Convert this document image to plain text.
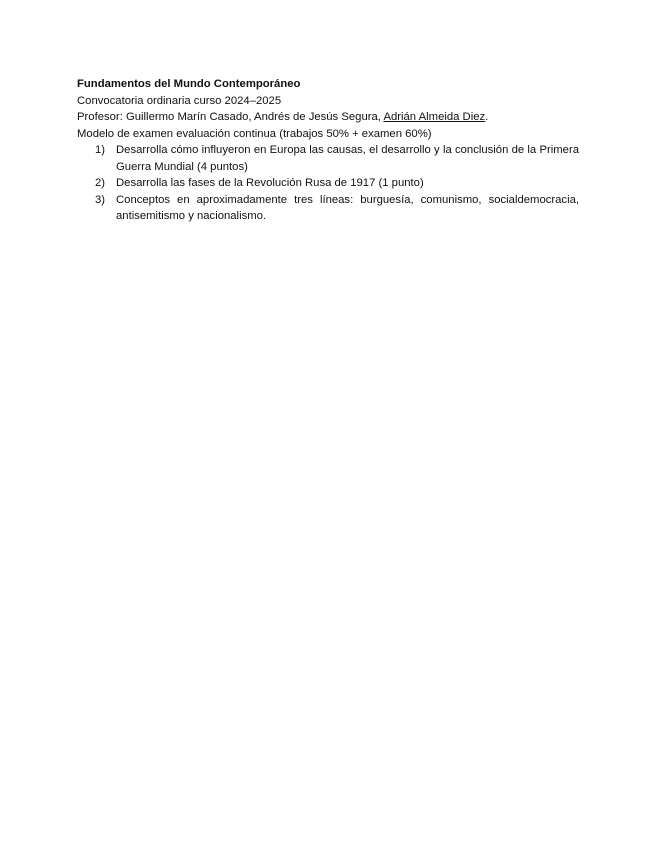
Fundamentos del Mundo Contemporáneo

Convocatoria ordinaria curso 2024–2025

Profesor: Guillermo Marín Casado, Andrés de Jesús Segura, Adrián Almeida Diez.

Modelo de examen evaluación continua (trabajos 50% + examen 60%)

1) Desarrolla cómo influyeron en Europa las causas, el desarrollo y la conclusión de la Primera Guerra Mundial (4 puntos)
2) Desarrolla las fases de la Revolución Rusa de 1917 (1 punto)
3) Conceptos en aproximadamente tres líneas: burguesía, comunismo, socialdemocracia, antisemitismo y nacionalismo.
